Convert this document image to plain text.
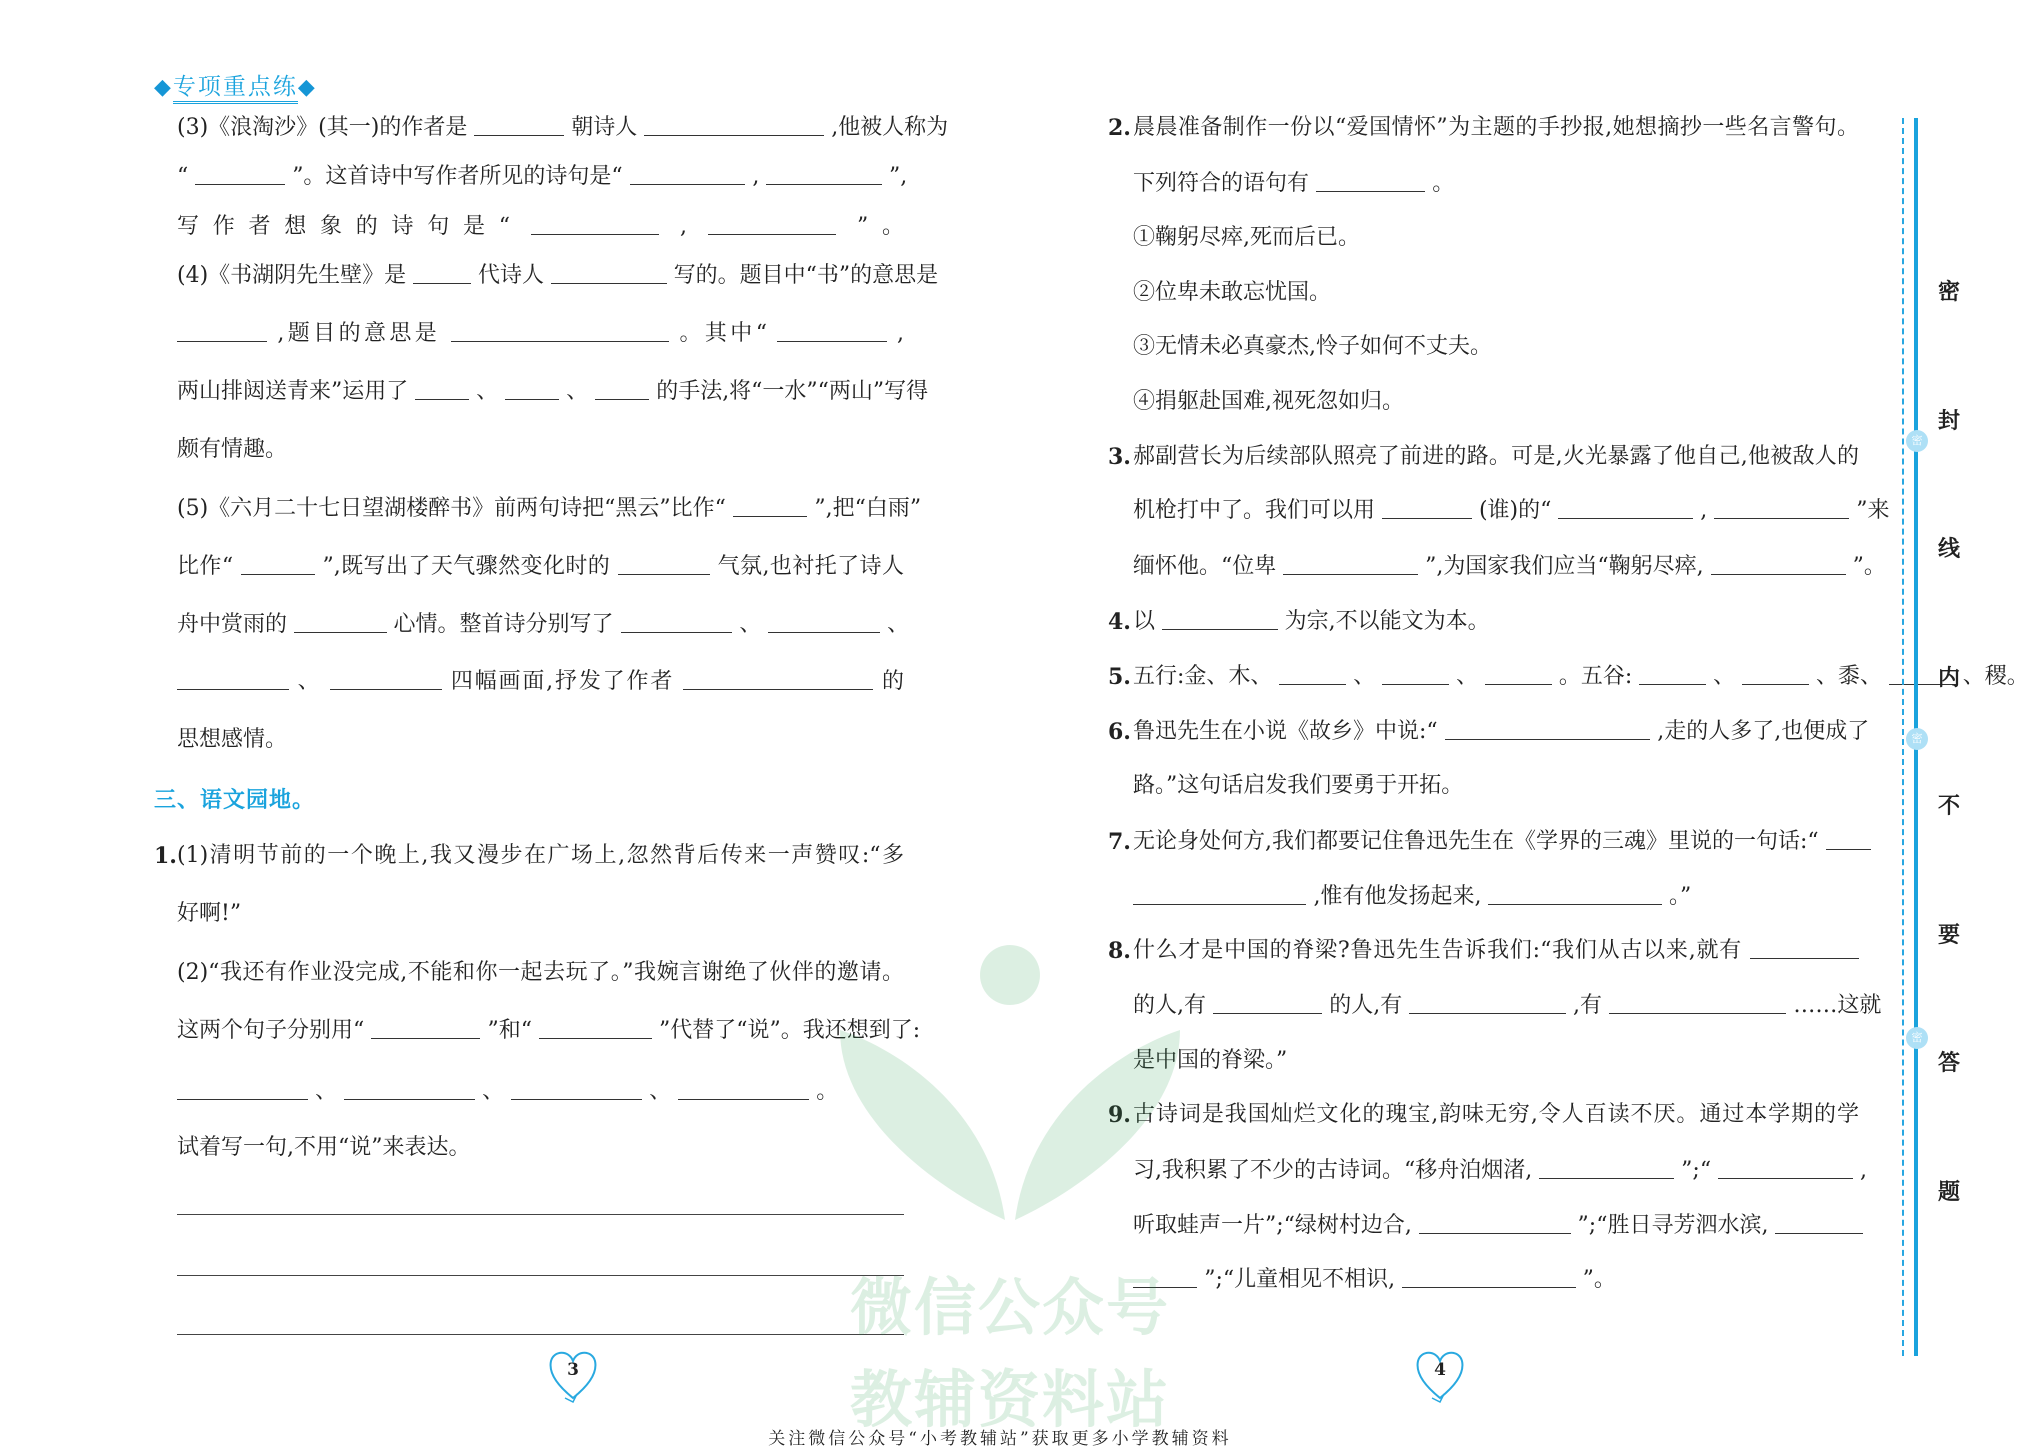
◆专项重点练◆
(3)《浪淘沙》(其一)的作者是	朝诗人	,他被人称为
“	”。这首诗中写作者所见的诗句是“	,	”,
写作者想象的诗句是“	,	”。
(4)《书湖阴先生壁》是	代诗人	写的。题目中“书”的意思是
,题目的意思是	。其中“	,
两山排闼送青来”运用了	、	、	的手法,将“一水”“两山”写得
颇有情趣。
(5)《六月二十七日望湖楼醉书》前两句诗把“黑云”比作“	”,把“白雨”
比作“	”,既写出了天气骤然变化时的	气氛,也衬托了诗人
舟中赏雨的	心情。整首诗分别写了	、	、
、	四幅画面,抒发了作者	的
思想感情。
三、语文园地。
1. (1)清明节前的一个晚上,我又漫步在广场上,忽然背后传来一声赞叹:“多
好啊!”
(2)“我还有作业没完成,不能和你一起去玩了。”我婉言谢绝了伙伴的邀请。
这两个句子分别用“	”和“	”代替了“说”。我还想到了:
、	、	、	。
试着写一句,不用“说”来表达。
2. 晨晨准备制作一份以“爱国情怀”为主题的手抄报,她想摘抄一些名言警句。
下列符合的语句有	。
①鞠躬尽瘁,死而后已。
②位卑未敢忘忧国。
③无情未必真豪杰,怜子如何不丈夫。
④捐躯赴国难,视死忽如归。
3. 郝副营长为后续部队照亮了前进的路。可是,火光暴露了他自己,他被敌人的
机枪打中了。我们可以用	(谁)的“	,	”来
缅怀他。“位卑	”,为国家我们应当“鞠躬尽瘁,	”。
4. 以	为宗,不以能文为本。
5. 五行:金、木、	、	、	。五谷:	、	、黍、	、稷。
6. 鲁迅先生在小说《故乡》中说:“	,走的人多了,也便成了
路。”这句话启发我们要勇于开拓。
7. 无论身处何方,我们都要记住鲁迅先生在《学界的三魂》里说的一句话:“
,惟有他发扬起来,	。”
8. 什么才是中国的脊梁?鲁迅先生告诉我们:“我们从古以来,就有
的人,有	的人,有	,有	……这就
是中国的脊梁。”
9. 古诗词是我国灿烂文化的瑰宝,韵味无穷,令人百读不厌。通过本学期的学
习,我积累了不少的古诗词。“移舟泊烟渚,	”;“	,
听取蛙声一片”;“绿树村边合,	”;“胜日寻芳泗水滨,
”;“儿童相见不相识,	”。
3	4
密
密
密
密
封
线
内
不
要
答
题
微信公众号
教辅资料站
关注微信公众号“小考教辅站”获取更多小学教辅资料
